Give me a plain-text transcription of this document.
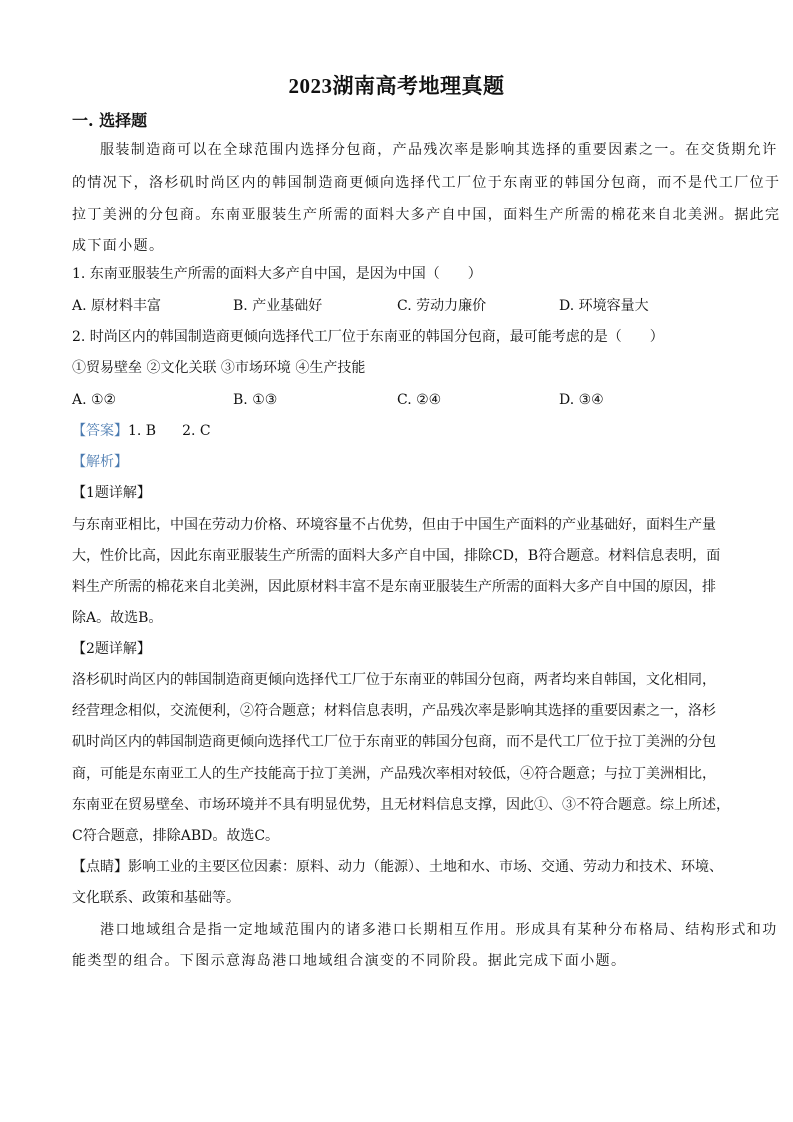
2023湖南高考地理真题
一. 选择题
服装制造商可以在全球范围内选择分包商，产品残次率是影响其选择的重要因素之一。在交货期允许
的情况下，洛杉矶时尚区内的韩国制造商更倾向选择代工厂位于东南亚的韩国分包商，而不是代工厂位于
拉丁美洲的分包商。东南亚服装生产所需的面料大多产自中国，面料生产所需的棉花来自北美洲。据此完
成下面小题。
1. 东南亚服装生产所需的面料大多产自中国，是因为中国（　　）
A. 原材料丰富	B. 产业基础好	C. 劳动力廉价	D. 环境容量大
2. 时尚区内的韩国制造商更倾向选择代工厂位于东南亚的韩国分包商，最可能考虑的是（　　）
①贸易壁垒 ②文化关联 ③市场环境 ④生产技能
A. ①②	B. ①③	C. ②④	D. ③④
【答案】1. B 2. C
【解析】
【1题详解】
与东南亚相比，中国在劳动力价格、环境容量不占优势，但由于中国生产面料的产业基础好，面料生产量
大，性价比高，因此东南亚服装生产所需的面料大多产自中国，排除CD，B符合题意。材料信息表明，面
料生产所需的棉花来自北美洲，因此原材料丰富不是东南亚服装生产所需的面料大多产自中国的原因，排
除A。故选B。
【2题详解】
洛杉矶时尚区内的韩国制造商更倾向选择代工厂位于东南亚的韩国分包商，两者均来自韩国，文化相同，
经营理念相似，交流便利，②符合题意；材料信息表明，产品残次率是影响其选择的重要因素之一，洛杉
矶时尚区内的韩国制造商更倾向选择代工厂位于东南亚的韩国分包商，而不是代工厂位于拉丁美洲的分包
商，可能是东南亚工人的生产技能高于拉丁美洲，产品残次率相对较低，④符合题意；与拉丁美洲相比，
东南亚在贸易壁垒、市场环境并不具有明显优势，且无材料信息支撑，因此①、③不符合题意。综上所述，
C符合题意，排除ABD。故选C。
【点睛】影响工业的主要区位因素：原料、动力（能源）、土地和水、市场、交通、劳动力和技术、环境、
文化联系、政策和基础等。
港口地域组合是指一定地域范围内的诸多港口长期相互作用。形成具有某种分布格局、结构形式和功
能类型的组合。下图示意海岛港口地域组合演变的不同阶段。据此完成下面小题。
